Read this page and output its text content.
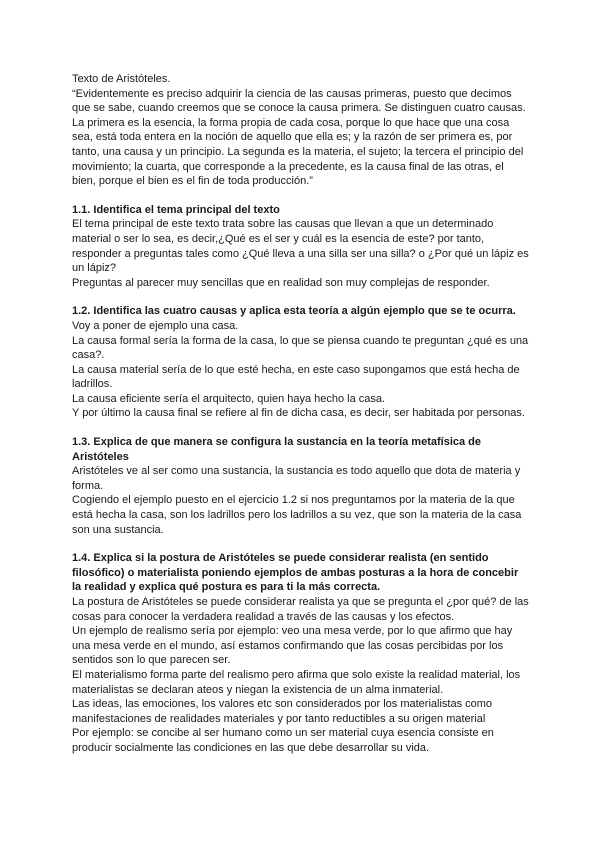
Texto de Aristóteles.

“Evidentemente es preciso adquirir la ciencia de las causas primeras, puesto que decimos que se sabe, cuando creemos que se conoce la causa primera. Se distinguen cuatro causas. La primera es la esencia, la forma propia de cada cosa, porque lo que hace que una cosa sea, está toda entera en la noción de aquello que ella es; y la razón de ser primera es, por tanto, una causa y un principio. La segunda es la materia, el sujeto; la tercera el principio del movimiento; la cuarta, que corresponde a la precedente, es la causa final de las otras, el bien, porque el bien es el fin de toda producción.”

1.1. Identifica el tema principal del texto

El tema principal de este texto trata sobre las causas que llevan a que un determinado material o ser lo sea, es decir,¿Qué es el ser y cuál es la esencia de este? por tanto, responder a preguntas tales como ¿Qué lleva a una silla ser una silla? o ¿Por qué un lápiz es un lápiz?

Preguntas al parecer muy sencillas que en realidad son muy complejas de responder.

1.2. Identifica las cuatro causas y aplica esta teoría a algún ejemplo que se te ocurra.

Voy a poner de ejemplo una casa.

La causa formal sería la forma de la casa, lo que se piensa cuando te preguntan ¿qué es una casa?.

La causa material sería de lo que esté hecha, en este caso supongamos que está hecha de ladrillos.

La causa eficiente sería el arquitecto, quien haya hecho la casa.

Y por último la causa final se refiere al fin de dicha casa, es decir, ser habitada por personas.

1.3. Explica de que manera se configura la sustancia en la teoría metafísica de Aristóteles

Aristóteles ve al ser como una sustancia, la sustancia es todo aquello que dota de materia y forma.

Cogiendo el ejemplo puesto en el ejercicio 1.2 si nos preguntamos por la materia de la que está hecha la casa, son los ladrillos pero los ladrillos a su vez, que son la materia de la casa son una sustancia.

1.4. Explica si la postura de Aristóteles se puede considerar realista (en sentido filosófico) o materialista poniendo ejemplos de ambas posturas a la hora de concebir la realidad y explica qué postura es para ti la más correcta.

La postura de Aristóteles se puede considerar realista ya que se pregunta el ¿por qué? de las cosas para conocer la verdadera realidad a través de las causas y los efectos.

Un ejemplo de realismo sería por ejemplo: veo una mesa verde, por lo que afirmo que hay una mesa verde en el mundo, así estamos confirmando que las cosas percibidas por los sentidos son lo que parecen ser.

El materialismo forma parte del realismo pero afirma que solo existe la realidad material, los materialistas se declaran ateos y niegan la existencia de un alma inmaterial.

Las ideas, las emociones, los valores etc son considerados por los materialistas como manifestaciones de realidades materiales y por tanto reductibles a su origen material

Por ejemplo: se concibe al ser humano como un ser material cuya esencia consiste en producir socialmente las condiciones en las que debe desarrollar su vida.
